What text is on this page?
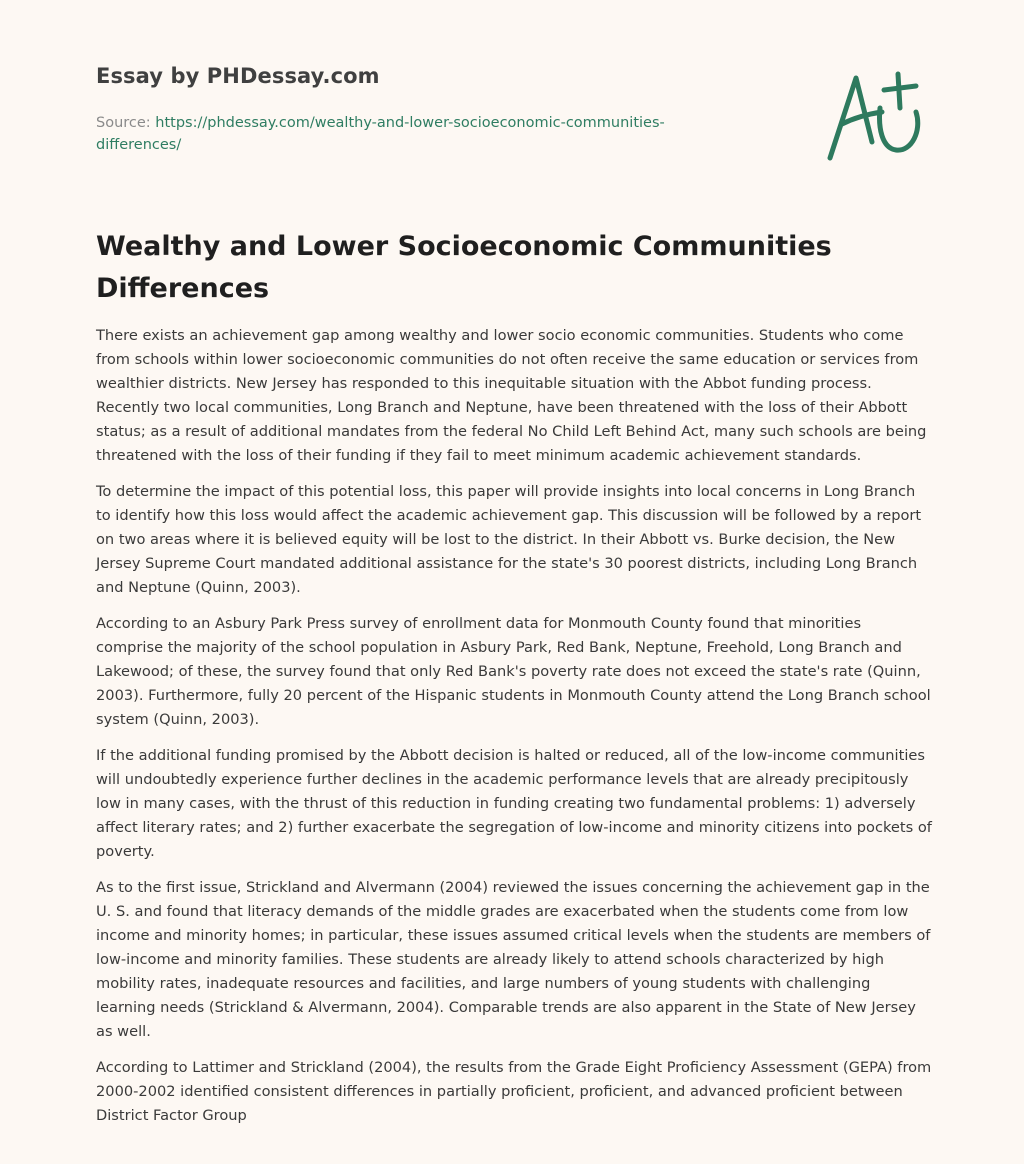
Essay by PHDessay.com
Source: https://phdessay.com/wealthy-and-lower-socioeconomic-communities-differences/
Wealthy and Lower Socioeconomic Communities Differences

There exists an achievement gap among wealthy and lower socio economic communities. Students who come from schools within lower socioeconomic communities do not often receive the same education or services from wealthier districts. New Jersey has responded to this inequitable situation with the Abbot funding process. Recently two local communities, Long Branch and Neptune, have been threatened with the loss of their Abbott status; as a result of additional mandates from the federal No Child Left Behind Act, many such schools are being threatened with the loss of their funding if they fail to meet minimum academic achievement standards.

To determine the impact of this potential loss, this paper will provide insights into local concerns in Long Branch to identify how this loss would affect the academic achievement gap. This discussion will be followed by a report on two areas where it is believed equity will be lost to the district. In their Abbott vs. Burke decision, the New Jersey Supreme Court mandated additional assistance for the state's 30 poorest districts, including Long Branch and Neptune (Quinn, 2003).

According to an Asbury Park Press survey of enrollment data for Monmouth County found that minorities comprise the majority of the school population in Asbury Park, Red Bank, Neptune, Freehold, Long Branch and Lakewood; of these, the survey found that only Red Bank's poverty rate does not exceed the state's rate (Quinn, 2003). Furthermore, fully 20 percent of the Hispanic students in Monmouth County attend the Long Branch school system (Quinn, 2003).

If the additional funding promised by the Abbott decision is halted or reduced, all of the low-income communities will undoubtedly experience further declines in the academic performance levels that are already precipitously low in many cases, with the thrust of this reduction in funding creating two fundamental problems: 1) adversely affect literary rates; and 2) further exacerbate the segregation of low-income and minority citizens into pockets of poverty.

As to the first issue, Strickland and Alvermann (2004) reviewed the issues concerning the achievement gap in the U. S. and found that literacy demands of the middle grades are exacerbated when the students come from low income and minority homes; in particular, these issues assumed critical levels when the students are members of low-income and minority families. These students are already likely to attend schools characterized by high mobility rates, inadequate resources and facilities, and large numbers of young students with challenging learning needs (Strickland & Alvermann, 2004). Comparable trends are also apparent in the State of New Jersey as well.

According to Lattimer and Strickland (2004), the results from the Grade Eight Proficiency Assessment (GEPA) from 2000-2002 identified consistent differences in partially proficient, proficient, and advanced proficient between District Factor Group
